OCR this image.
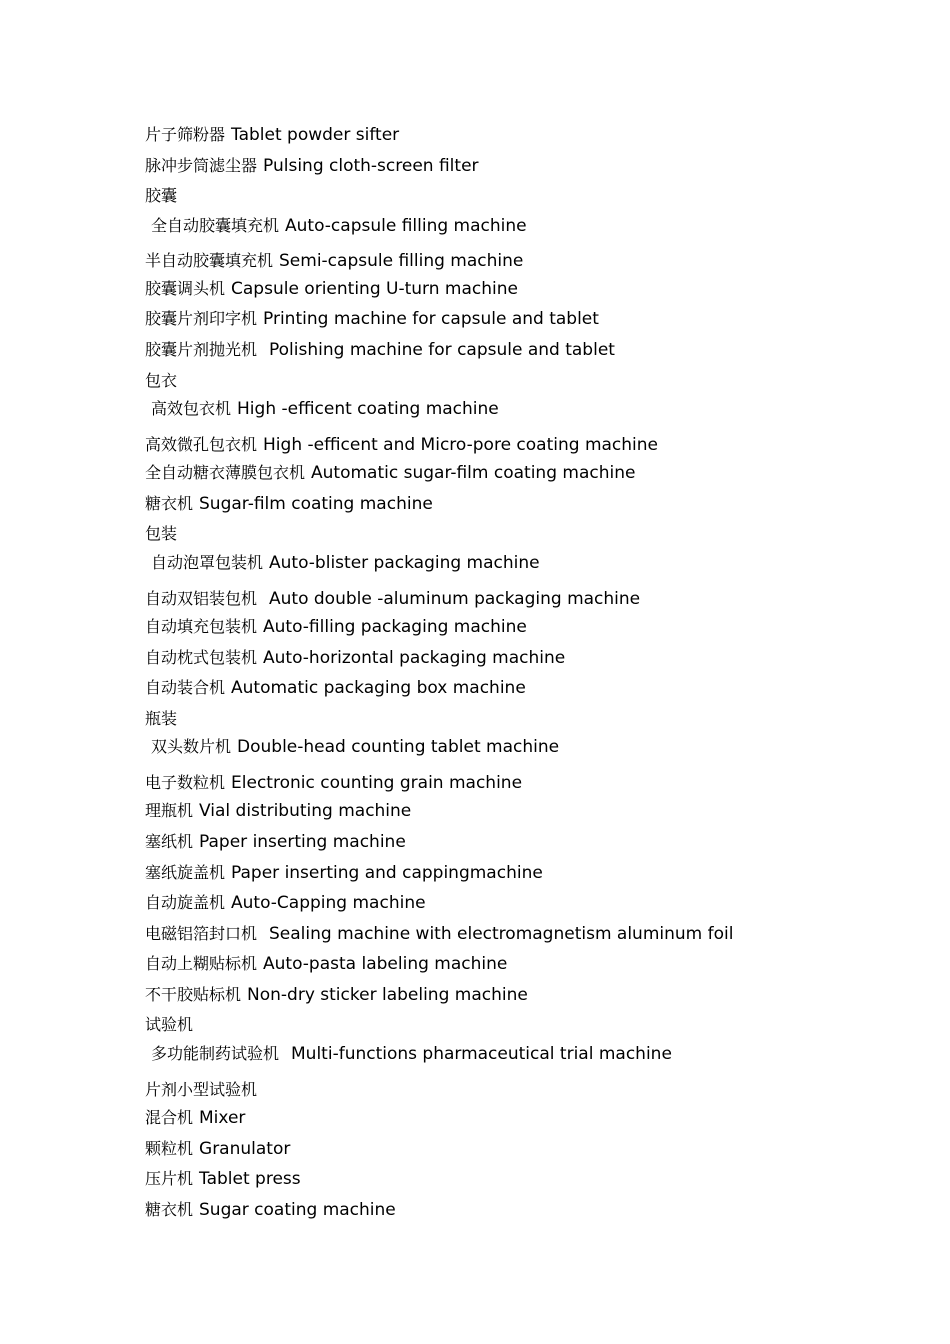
片子筛粉器 Tablet powder sifter
脉冲步筒滤尘器 Pulsing cloth-screen filter
胶囊
全自动胶囊填充机 Auto-capsule filling machine
半自动胶囊填充机 Semi-capsule filling machine
胶囊调头机 Capsule orienting U-turn machine
胶囊片剂印字机 Printing machine for capsule and tablet
胶囊片剂抛光机 Polishing machine for capsule and tablet
包衣
高效包衣机 High -efficent coating machine
高效微孔包衣机 High -efficent and Micro-pore coating machine
全自动糖衣薄膜包衣机 Automatic sugar-film coating machine
糖衣机 Sugar-film coating machine
包装
自动泡罩包装机 Auto-blister packaging machine
自动双铝装包机 Auto double -aluminum packaging machine
自动填充包装机 Auto-filling packaging machine
自动枕式包装机 Auto-horizontal packaging machine
自动装合机 Automatic packaging box machine
瓶装
双头数片机 Double-head counting tablet machine
电子数粒机 Electronic counting grain machine
理瓶机 Vial distributing machine
塞纸机 Paper inserting machine
塞纸旋盖机 Paper inserting and cappingmachine
自动旋盖机 Auto-Capping machine
电磁铝箔封口机 Sealing machine with electromagnetism aluminum foil
自动上糊贴标机 Auto-pasta labeling machine
不干胶贴标机 Non-dry sticker labeling machine
试验机
多功能制药试验机 Multi-functions pharmaceutical trial machine
片剂小型试验机
混合机 Mixer
颗粒机 Granulator
压片机 Tablet press
糖衣机 Sugar coating machine
